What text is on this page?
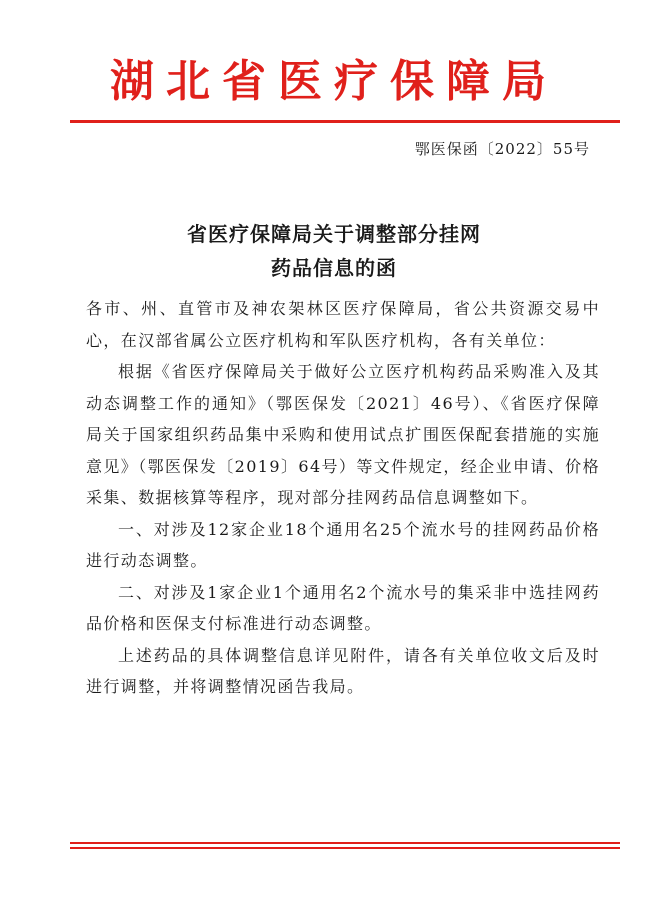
湖北省医疗保障局
鄂医保函〔2022〕55号
省医疗保障局关于调整部分挂网
药品信息的函

各市、州、直管市及神农架林区医疗保障局，省公共资源交易中心，在汉部省属公立医疗机构和军队医疗机构，各有关单位：

根据《省医疗保障局关于做好公立医疗机构药品采购准入及其动态调整工作的通知》（鄂医保发〔2021〕46号）、《省医疗保障局关于国家组织药品集中采购和使用试点扩围医保配套措施的实施意见》（鄂医保发〔2019〕64号）等文件规定，经企业申请、价格采集、数据核算等程序，现对部分挂网药品信息调整如下。

一、对涉及12家企业18个通用名25个流水号的挂网药品价格进行动态调整。

二、对涉及1家企业1个通用名2个流水号的集采非中选挂网药品价格和医保支付标准进行动态调整。

上述药品的具体调整信息详见附件，请各有关单位收文后及时进行调整，并将调整情况函告我局。
